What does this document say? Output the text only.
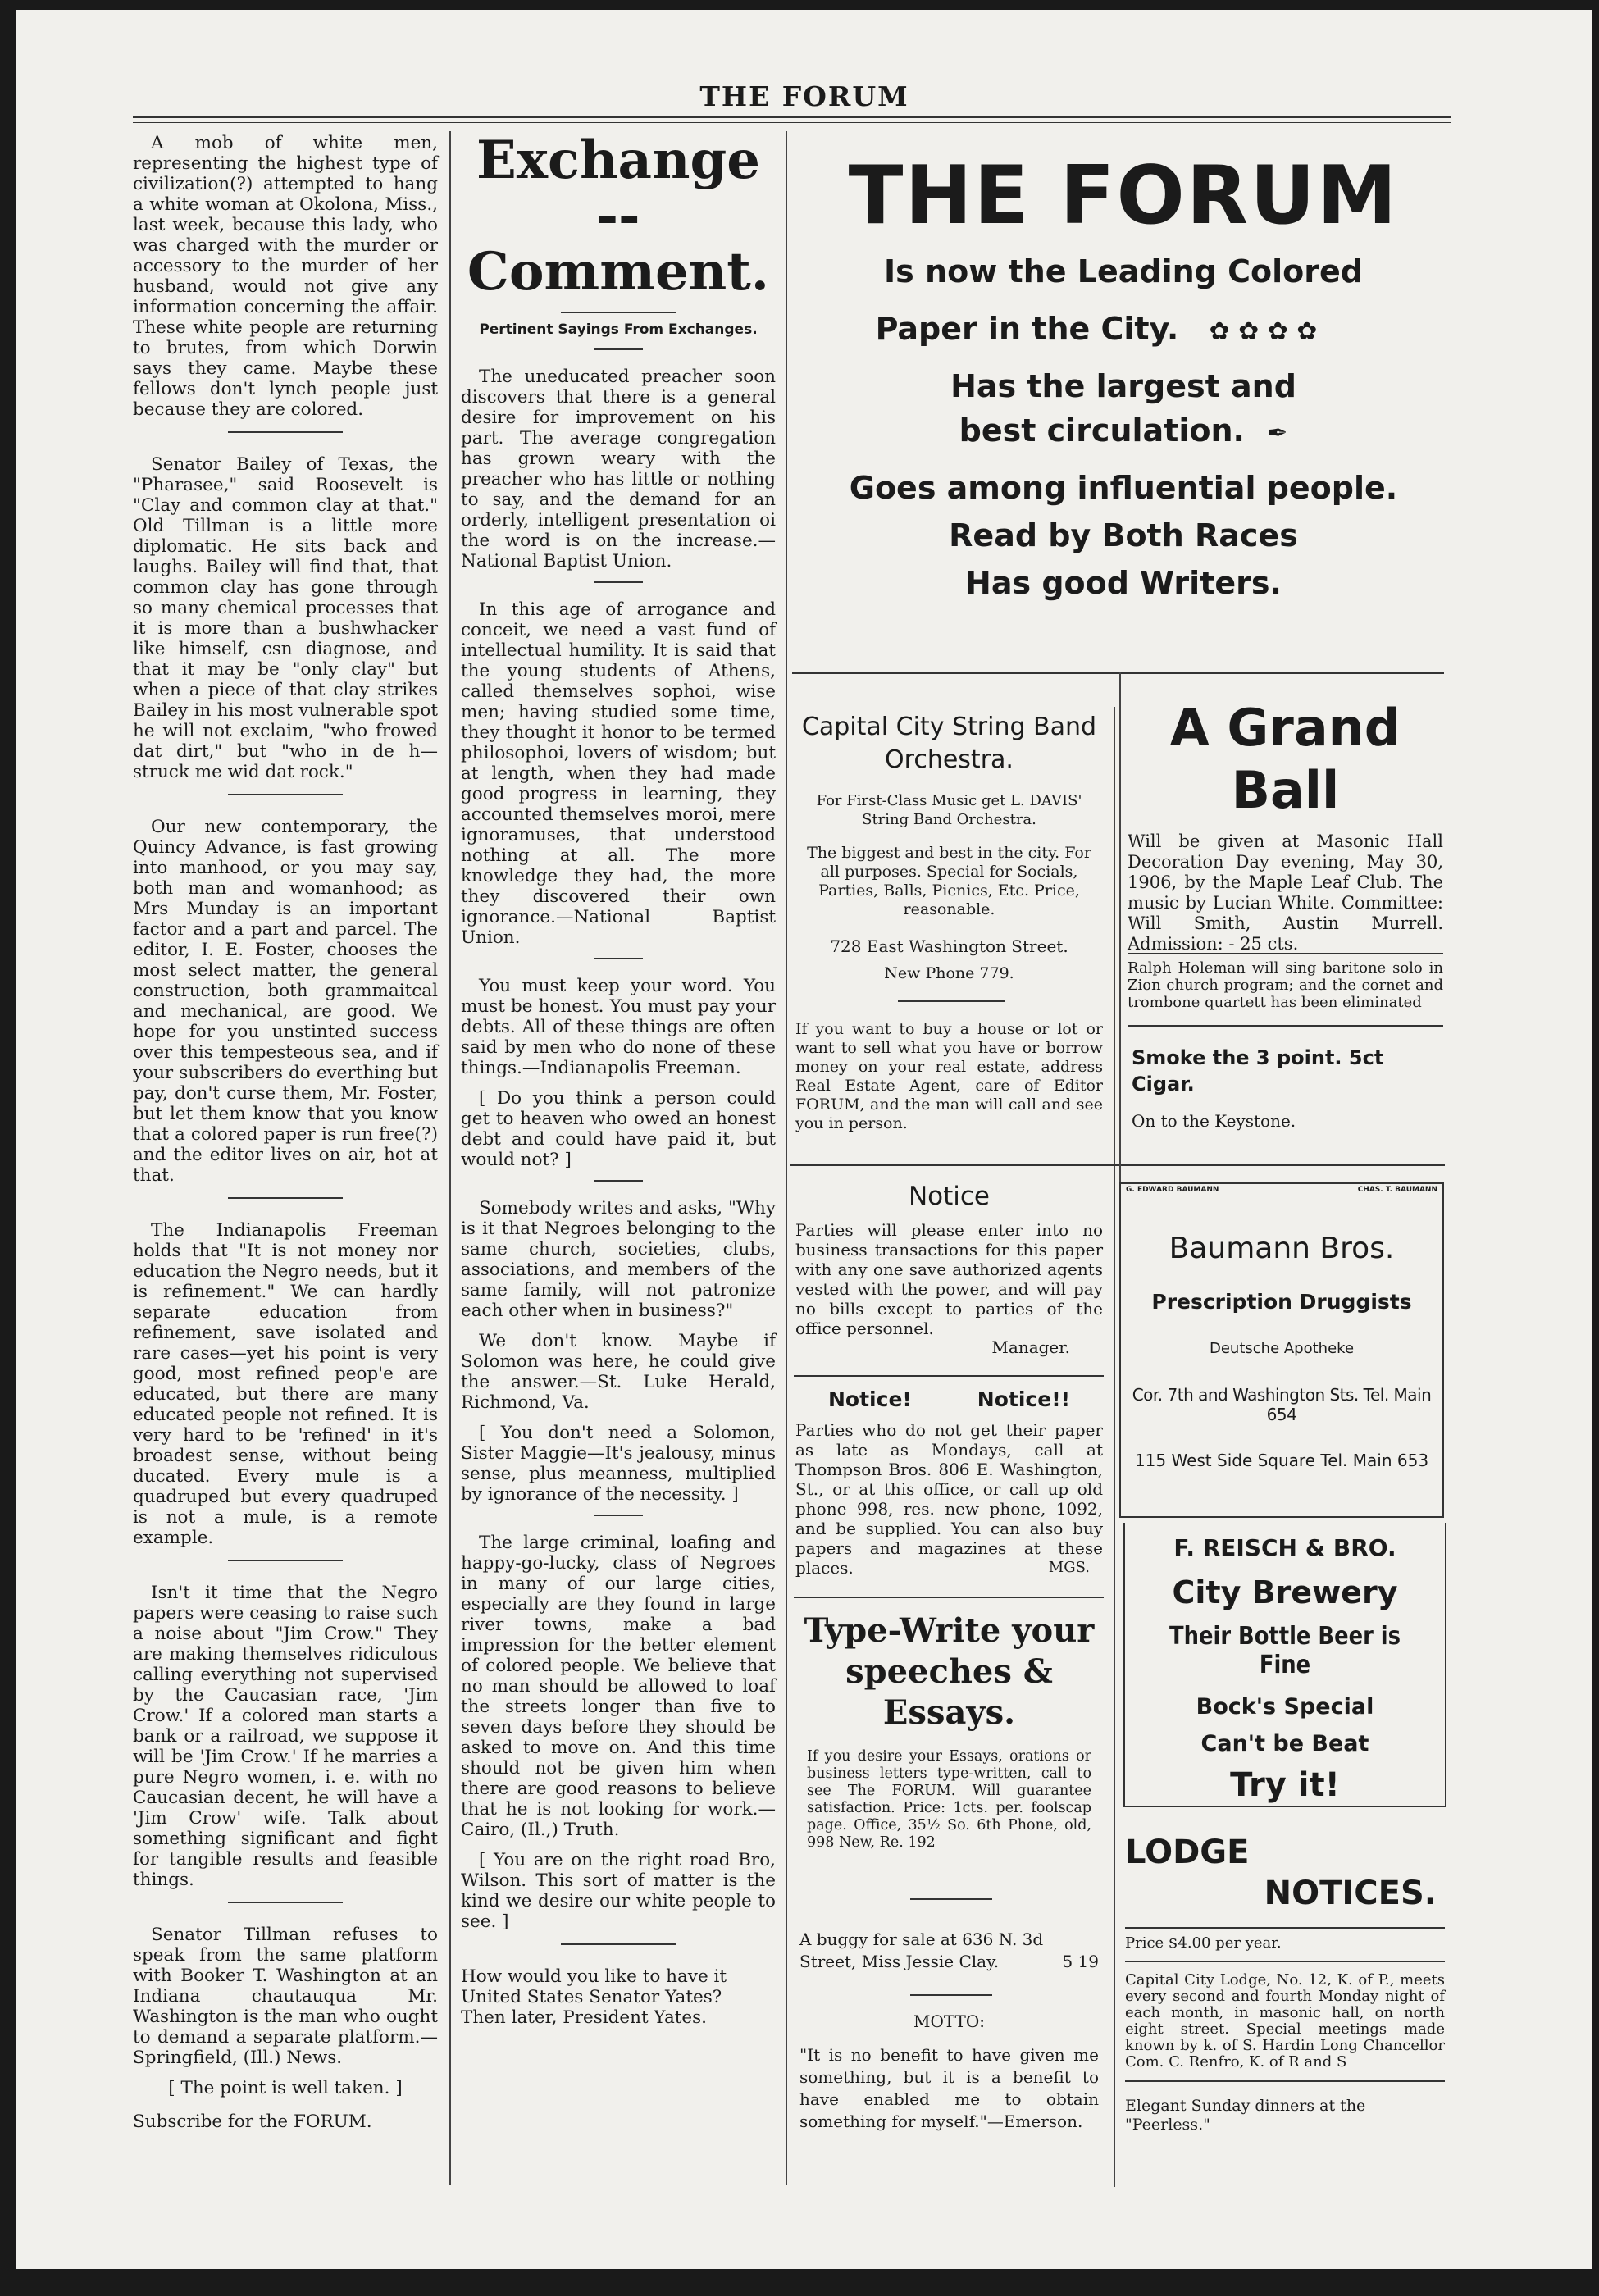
THE FORUM

A mob of white men, representing the highest type of civilization(?) attempted to hang a white woman at Okolona, Miss., last week, because this lady, who was charged with the murder or accessory to the murder of her husband, would not give any information concerning the affair. These white people are returning to brutes, from which Dorwin says they came. Maybe these fellows don't lynch people just because they are colored.

Senator Bailey of Texas, the "Pharasee," said Roosevelt is "Clay and common clay at that." Old Tillman is a little more diplomatic. He sits back and laughs. Bailey will find that, that common clay has gone through so many chemical processes that it is more than a bushwhacker like himself, csn diagnose, and that it may be "only clay" but when a piece of that clay strikes Bailey in his most vulnerable spot he will not exclaim, "who frowed dat dirt," but "who in de h—struck me wid dat rock."

Our new contemporary, the Quincy Advance, is fast growing into manhood, or you may say, both man and womanhood; as Mrs Munday is an important factor and a part and parcel. The editor, I. E. Foster, chooses the most select matter, the general construction, both grammaitcal and mechanical, are good. We hope for you unstinted success over this tempesteous sea, and if your subscribers do everthing but pay, don't curse them, Mr. Foster, but let them know that you know that a colored paper is run free(?) and the editor lives on air, hot at that.

The Indianapolis Freeman holds that "It is not money nor education the Negro needs, but it is refinement." We can hardly separate education from refinement, save isolated and rare cases—yet his point is very good, most refined peop'e are educated, but there are many educated people not refined. It is very hard to be 'refined' in it's broadest sense, without being ducated. Every mule is a quadruped but every quadruped is not a mule, is a remote example.

Isn't it time that the Negro papers were ceasing to raise such a noise about "Jim Crow." They are making themselves ridiculous calling everything not supervised by the Caucasian race, 'Jim Crow.' If a colored man starts a bank or a railroad, we suppose it will be 'Jim Crow.' If he marries a pure Negro women, i. e. with no Caucasian decent, he will have a 'Jim Crow' wife. Talk about something significant and fight for tangible results and feasible things.

Senator Tillman refuses to speak from the same platform with Booker T. Washington at an Indiana chautauqua Mr. Washington is the man who ought to demand a separate platform.—Springfield, (Ill.) News.

[ The point is well taken. ]

Subscribe for the FORUM.

Exchange --Comment.
Pertinent Sayings From Exchanges.

The uneducated preacher soon discovers that there is a general desire for improvement on his part. The average congregation has grown weary with the preacher who has little or nothing to say, and the demand for an orderly, intelligent presentation oi the word is on the increase.—National Baptist Union.

In this age of arrogance and conceit, we need a vast fund of intellectual humility. It is said that the young students of Athens, called themselves sophoi, wise men; having studied some time, they thought it honor to be termed philosophoi, lovers of wisdom; but at length, when they had made good progress in learning, they accounted themselves moroi, mere ignoramuses, that understood nothing at all. The more knowledge they had, the more they discovered their own ignorance.—National Baptist Union.

You must keep your word. You must be honest. You must pay your debts. All of these things are often said by men who do none of these things.—Indianapolis Freeman.

[ Do you think a person could get to heaven who owed an honest debt and could have paid it, but would not? ]

Somebody writes and asks, "Why is it that Negroes belonging to the same church, societies, clubs, associations, and members of the same family, will not patronize each other when in business?"

We don't know. Maybe if Solomon was here, he could give the answer.—St. Luke Herald, Richmond, Va.

[ You don't need a Solomon, Sister Maggie—It's jealousy, minus sense, plus meanness, multiplied by ignorance of the necessity. ]

The large criminal, loafing and happy-go-lucky, class of Negroes in many of our large cities, especially are they found in large river towns, make a bad impression for the better element of colored people. We believe that no man should be allowed to loaf the streets longer than five to seven days before they should be asked to move on. And this time should not be given him when there are good reasons to believe that he is not looking for work.—Cairo, (Il.,) Truth.

[ You are on the right road Bro, Wilson. This sort of matter is the kind we desire our white people to see. ]

How would you like to have it United States Senator Yates?

Then later, President Yates.

THE FORUM
Is now the Leading Colored
Paper in the City. ✿ ✿ ✿ ✿
Has the largest and
best circulation. ✒
Goes among influential people.
Read by Both Races
Has good Writers.
Capital City String Band Orchestra.
For First-Class Music get L. DAVIS' String Band Orchestra.
The biggest and best in the city. For all purposes. Special for Socials, Parties, Balls, Picnics, Etc. Price, reasonable.
728 East Washington Street.
New Phone 779.
If you want to buy a house or lot or want to sell what you have or borrow money on your real estate, address Real Estate Agent, care of Editor FORUM, and the man will call and see you in person.
Notice
Parties will please enter into no business transactions for this paper with any one save authorized agents vested with the power, and will pay no bills except to parties of the office personnel.
Manager.
Notice!	Notice!!
Parties who do not get their paper as late as Mondays, call at Thompson Bros. 806 E. Washington, St., or at this office, or call up old phone 998, res. new phone, 1092, and be supplied. You can also buy papers and magazines at these places.	MGS.
Type-Write your speeches & Essays.
If you desire your Essays, orations or business letters type-written, call to see The FORUM. Will guarantee satisfaction. Price: 1cts. per. foolscap page. Office, 35½ So. 6th Phone, old, 998 New, Re. 192
A buggy for sale at 636 N. 3d Street, Miss Jessie Clay.	5 19
MOTTO:
"It is no benefit to have given me something, but it is a benefit to have enabled me to obtain something for myself."—Emerson.
A Grand Ball
Will be given at Masonic Hall Decoration Day evening, May 30, 1906, by the Maple Leaf Club. The music by Lucian White. Committee: Will Smith, Austin Murrell. Admission: - 25 cts.
Ralph Holeman will sing baritone solo in Zion church program; and the cornet and trombone quartett has been eliminated
Smoke the 3 point. 5ct Cigar.
On to the Keystone.
G. EDWARD BAUMANN	CHAS. T. BAUMANN
Baumann Bros.
Prescription Druggists
Deutsche Apotheke
Cor. 7th and Washington Sts. Tel. Main 654
115 West Side Square Tel. Main 653
F. REISCH & BRO.
City Brewery
Their Bottle Beer is Fine
Bock's Special
Can't be Beat
Try it!
LODGE
NOTICES.
Price $4.00 per year.
Capital City Lodge, No. 12, K. of P., meets every second and fourth Monday night of each month, in masonic hall, on north eight street. Special meetings made known by k. of S. Hardin Long Chancellor Com. C. Renfro, K. of R and S
Elegant Sunday dinners at the "Peerless."
